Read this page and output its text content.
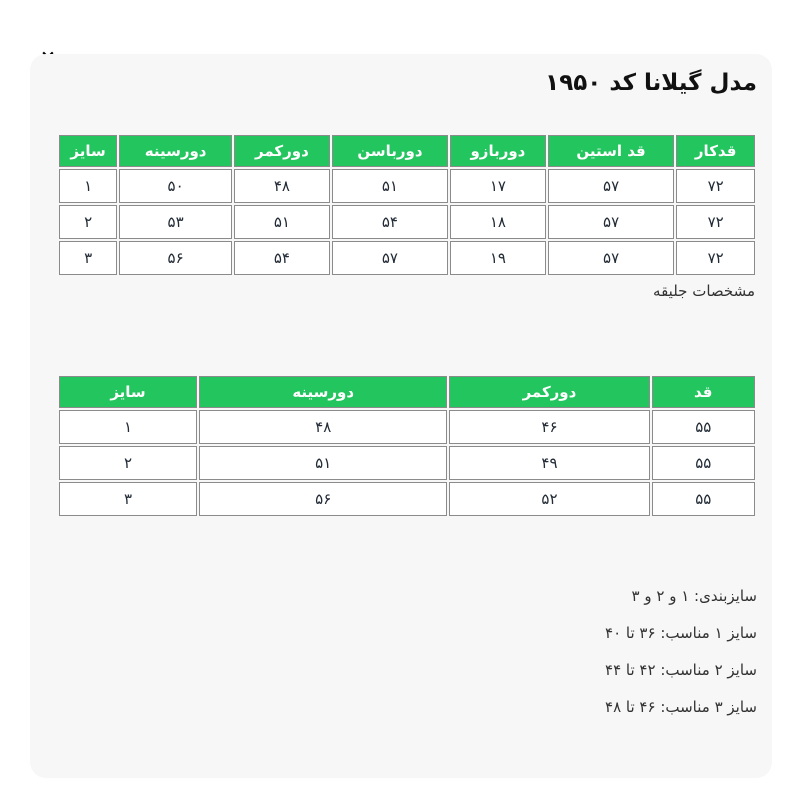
مدل گیلانا کد ۱۹۵۰
قدکار	قد استین	دوربازو	دورباسن	دورکمر	دورسینه	سایز
۷۲	۵۷	۱۷	۵۱	۴۸	۵۰	۱
۷۲	۵۷	۱۸	۵۴	۵۱	۵۳	۲
۷۲	۵۷	۱۹	۵۷	۵۴	۵۶	۳

مشخصات جلیقه

قد	دورکمر	دورسینه	سایز
۵۵	۴۶	۴۸	۱
۵۵	۴۹	۵۱	۲
۵۵	۵۲	۵۶	۳

سایزبندی: ۱ و ۲ و ۳

سایز ۱ مناسب: ۳۶ تا ۴۰

سایز ۲ مناسب: ۴۲ تا ۴۴

سایز ۳ مناسب: ۴۶ تا ۴۸
